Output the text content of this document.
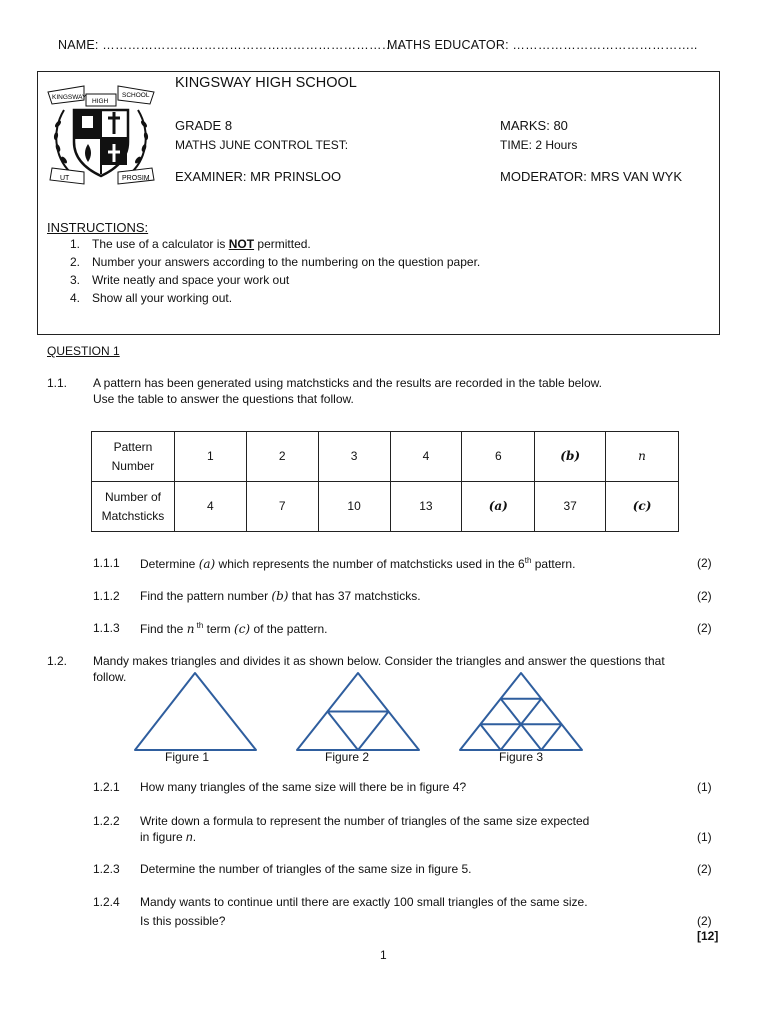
NAME: ……………………………………………………………..
MATHS EDUCATOR: ……………………………………..
KINGSWAY
HIGH
SCHOOL
UT	PROSIM
KINGSWAY HIGH SCHOOL
GRADE 8	MARKS: 80
MATHS JUNE CONTROL TEST:	TIME: 2 Hours
EXAMINER: MR PRINSLOO	MODERATOR: MRS VAN WYK
INSTRUCTIONS:
1. The use of a calculator is NOT permitted.
2. Number your answers according to the numbering on the question paper.
3. Write neatly and space your work out
4. Show all your working out.
QUESTION 1
1.1. A pattern has been generated using matchsticks and the results are recorded in the table below.
Use the table to answer the questions that follow.
Pattern
Number	1	2	3	4	6	(b)	n
Number of
Matchsticks	4	7	10	13	(a)	37	(c)
1.1.1 Determine (a) which represents the number of matchsticks used in the 6th pattern.	(2)
1.1.2 Find the pattern number (b) that has 37 matchsticks.	(2)
1.1.3 Find the n $^{th}$ term (c) of the pattern.	(2)
1.2. Mandy makes triangles and divides it as shown below. Consider the triangles and answer the questions that
follow.
Figure 1	Figure 2	Figure 3
1.2.1 How many triangles of the same size will there be in figure 4?	(1)
1.2.2 Write down a formula to represent the number of triangles of the same size expected
in figure n.	(1)
1.2.3 Determine the number of triangles of the same size in figure 5.	(2)
1.2.4 Mandy wants to continue until there are exactly 100 small triangles of the same size.
Is this possible?	(2)
[12]
1
